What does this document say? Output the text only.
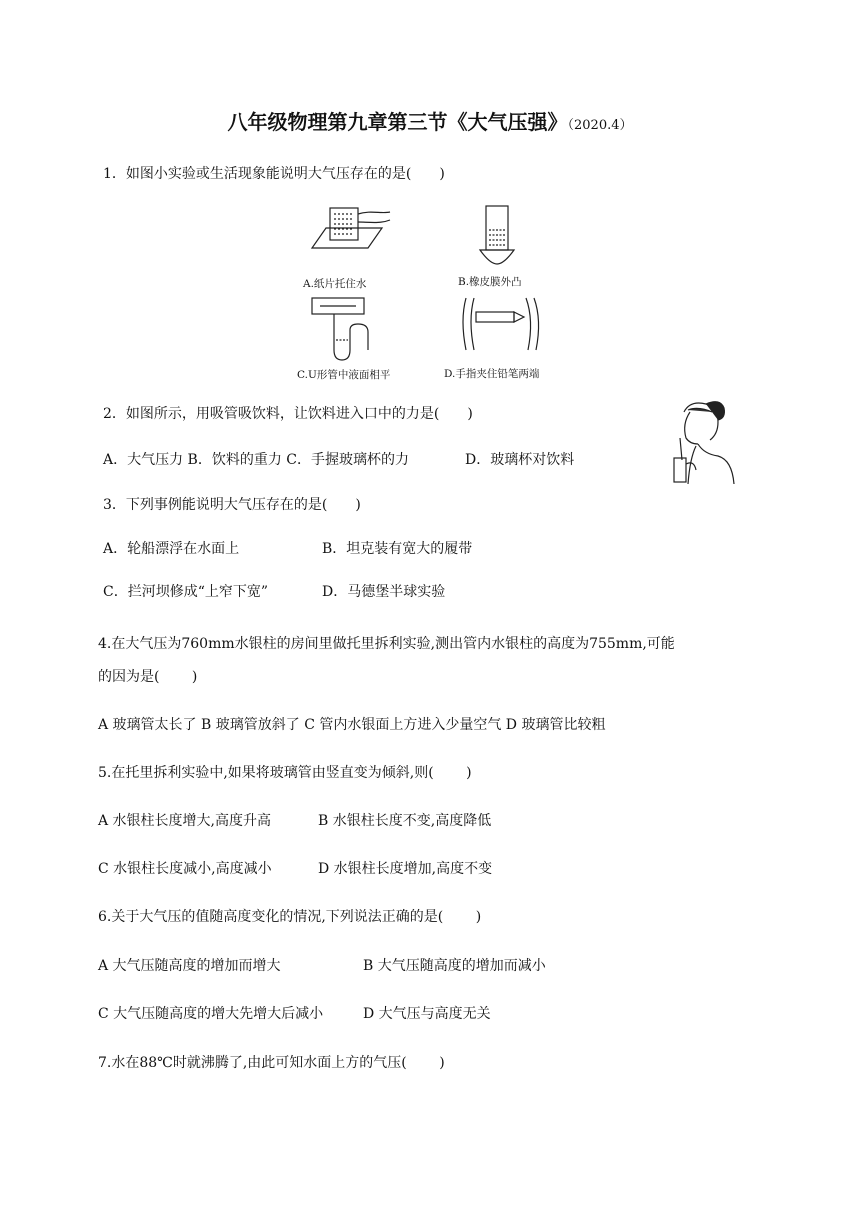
八年级物理第九章第三节《大气压强》（2020.4）
1．如图小实验或生活现象能说明大气压存在的是(　　)
A.纸片托住水	B.橡皮膜外凸
C.U形管中液面相平	D.手指夹住铅笔两端
2．如图所示，用吸管吸饮料，让饮料进入口中的力是(　　)
A．大气压力 B．饮料的重力 C．手握玻璃杯的力　　　　D．玻璃杯对饮料
3．下列事例能说明大气压存在的是(　　)
A．轮船漂浮在水面上	B．坦克装有宽大的履带
C．拦河坝修成“上窄下宽”	D．马德堡半球实验
4.在大气压为760mm水银柱的房间里做托里拆利实验,测出管内水银柱的高度为755mm,可能
的因为是(　　 )
A 玻璃管太长了 B 玻璃管放斜了 C 管内水银面上方进入少量空气 D 玻璃管比较粗
5.在托里拆利实验中,如果将玻璃管由竖直变为倾斜,则(　　 )
A 水银柱长度增大,高度升高	B 水银柱长度不变,高度降低
C 水银柱长度减小,高度减小	D 水银柱长度增加,高度不变
6.关于大气压的值随高度变化的情况,下列说法正确的是(　　 )
A 大气压随高度的增加而增大	B 大气压随高度的增加而减小
C 大气压随高度的增大先增大后减小	D 大气压与高度无关
7.水在88℃时就沸腾了,由此可知水面上方的气压(　　 )
